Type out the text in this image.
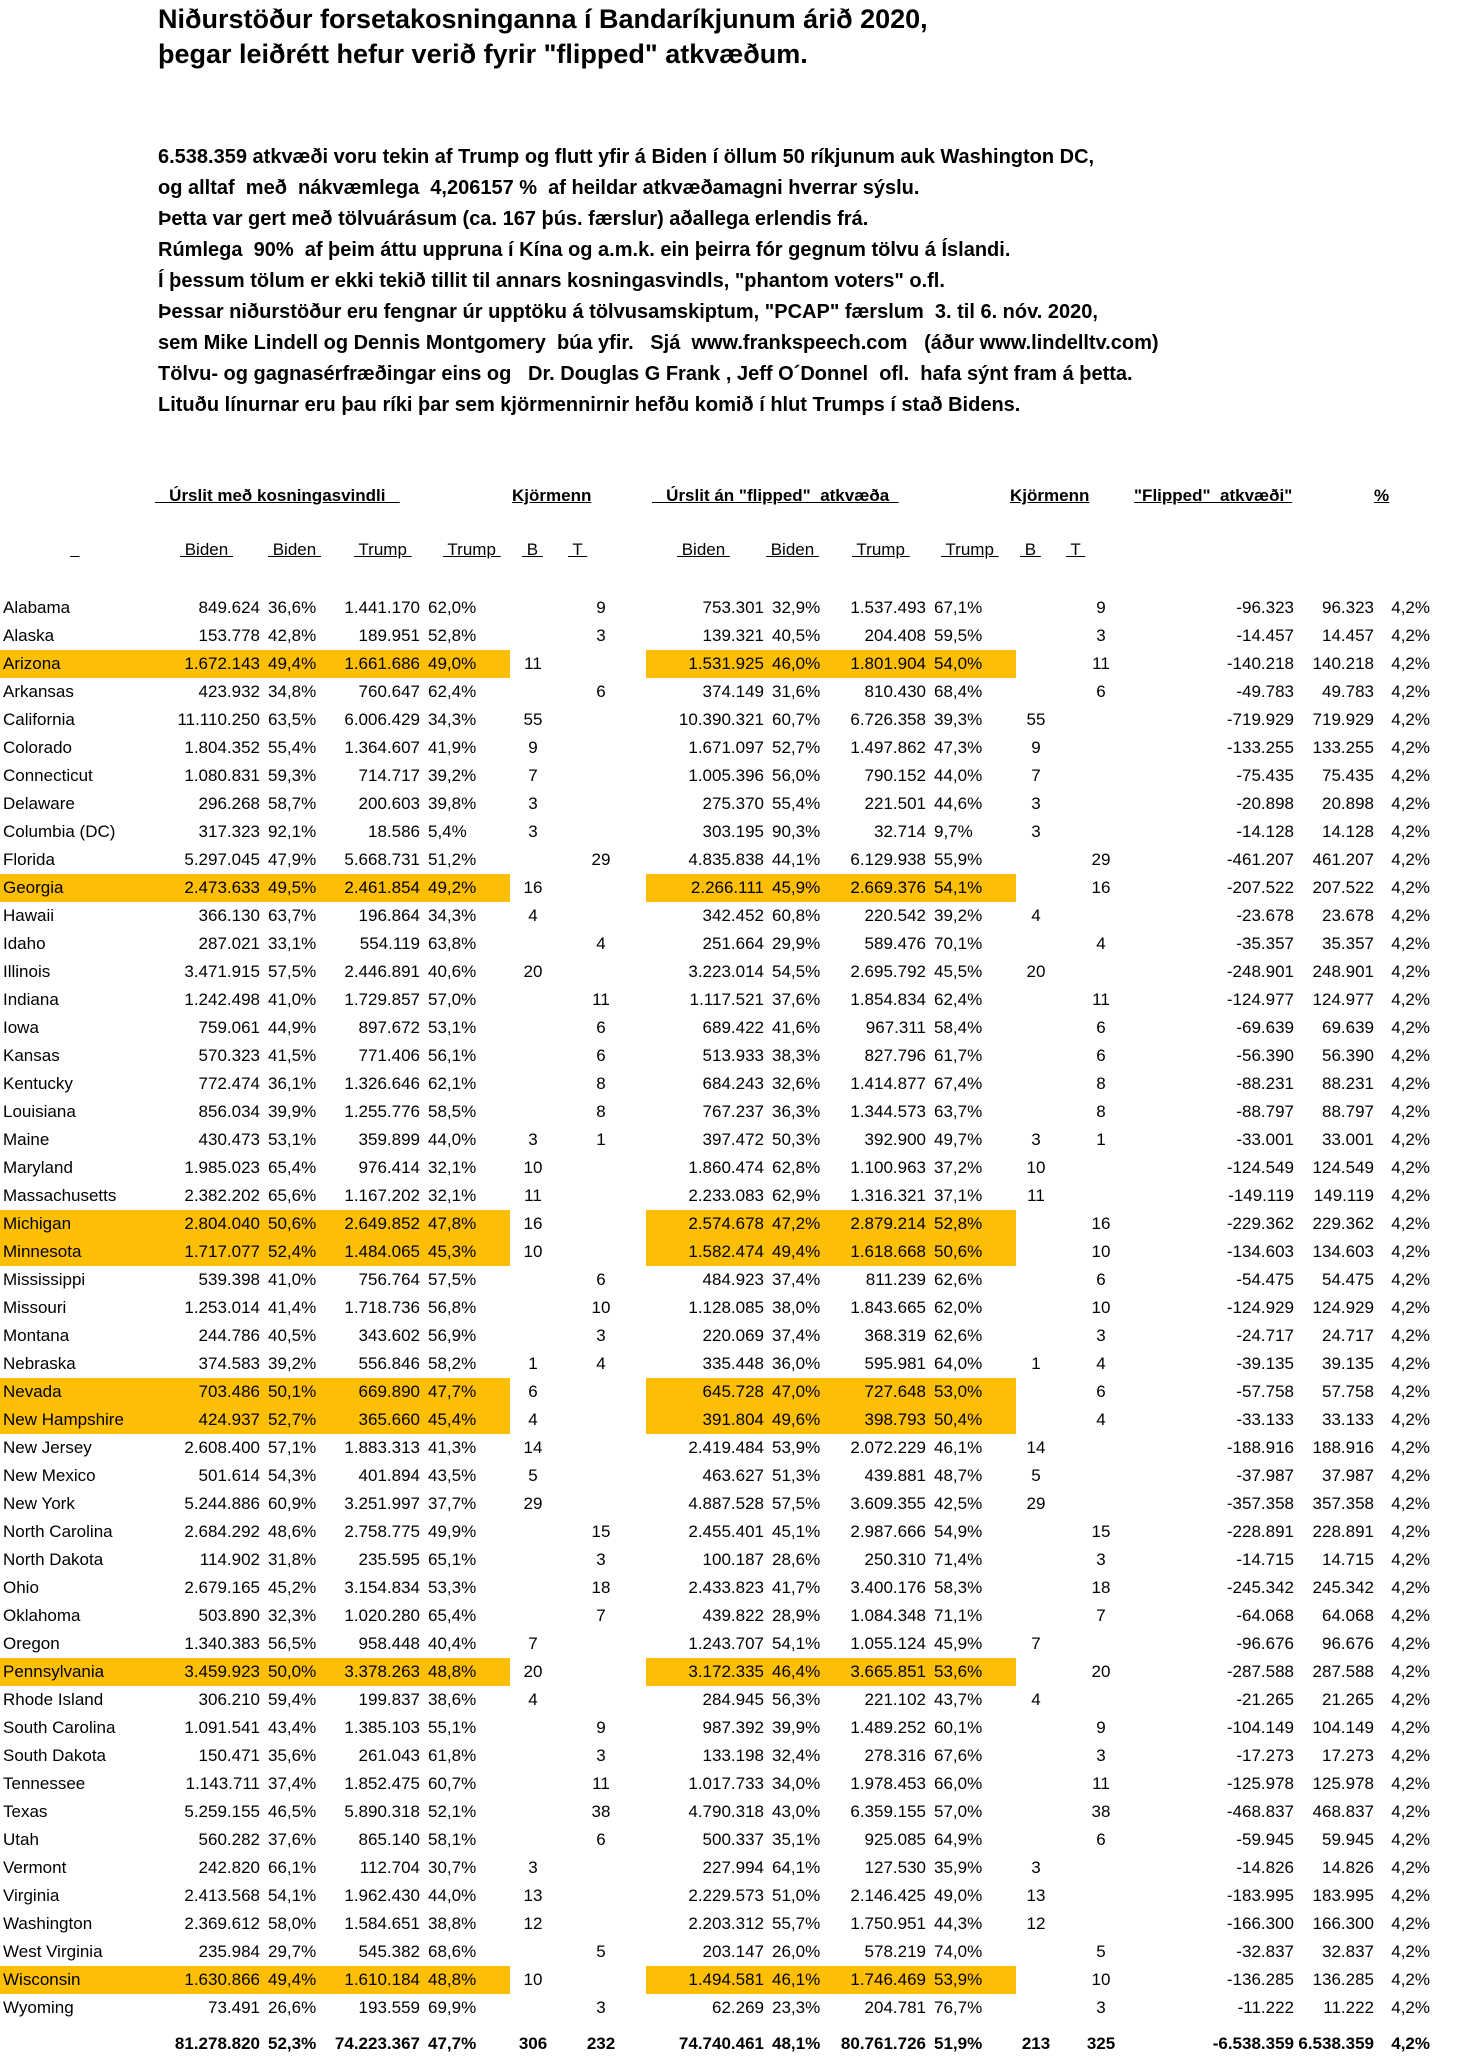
Niðurstöður forsetakosninganna í Bandaríkjunum árið 2020,
þegar leiðrétt hefur verið fyrir "flipped" atkvæðum.
6.538.359 atkvæði voru tekin af Trump og flutt yfir á Biden í öllum 50 ríkjunum auk Washington DC,
og alltaf  með  nákvæmlega  4,206157 %  af heildar atkvæðamagni hverrar sýslu.
Þetta var gert með tölvuárásum (ca. 167 þús. færslur) aðallega erlendis frá.
Rúmlega  90%  af þeim áttu uppruna í Kína og a.m.k. ein þeirra fór gegnum tölvu á Íslandi.
Í þessum tölum er ekki tekið tillit til annars kosningasvindls, "phantom voters" o.fl.
Þessar niðurstöður eru fengnar úr upptöku á tölvusamskiptum, "PCAP" færslum  3. til 6. nóv. 2020,
sem Mike Lindell og Dennis Montgomery  búa yfir.   Sjá  www.frankspeech.com   (áður www.lindelltv.com)
Tölvu- og gagnasérfræðingar eins og   Dr. Douglas G Frank , Jeff O´Donnel  ofl.  hafa sýnt fram á þetta.
Lituðu línurnar eru þau ríki þar sem kjörmennirnir hefðu komið í hlut Trumps í stað Bidens.
Úrslit með kosningasvindli	Kjörmenn	Úrslit án "flipped"  atkvæða	Kjörmenn	"Flipped"  atkvæði"	%

Biden Biden Trump Trump B T	Biden Biden Trump Trump B T
Alabama	849.624	36,6%	1.441.170	62,0%		9	753.301	32,9%	1.537.493	67,1%		9	-96.323	96.323	4,2%
Alaska	153.778	42,8%	189.951	52,8%		3	139.321	40,5%	204.408	59,5%		3	-14.457	14.457	4,2%
Arizona	1.672.143	49,4%	1.661.686	49,0%	11		1.531.925	46,0%	1.801.904	54,0%		11	-140.218	140.218	4,2%
Arkansas	423.932	34,8%	760.647	62,4%		6	374.149	31,6%	810.430	68,4%		6	-49.783	49.783	4,2%
California	11.110.250	63,5%	6.006.429	34,3%	55		10.390.321	60,7%	6.726.358	39,3%	55		-719.929	719.929	4,2%
Colorado	1.804.352	55,4%	1.364.607	41,9%	9		1.671.097	52,7%	1.497.862	47,3%	9		-133.255	133.255	4,2%
Connecticut	1.080.831	59,3%	714.717	39,2%	7		1.005.396	56,0%	790.152	44,0%	7		-75.435	75.435	4,2%
Delaware	296.268	58,7%	200.603	39,8%	3		275.370	55,4%	221.501	44,6%	3		-20.898	20.898	4,2%
Columbia (DC)	317.323	92,1%	18.586	5,4%	3		303.195	90,3%	32.714	9,7%	3		-14.128	14.128	4,2%
Florida	5.297.045	47,9%	5.668.731	51,2%		29	4.835.838	44,1%	6.129.938	55,9%		29	-461.207	461.207	4,2%
Georgia	2.473.633	49,5%	2.461.854	49,2%	16		2.266.111	45,9%	2.669.376	54,1%		16	-207.522	207.522	4,2%
Hawaii	366.130	63,7%	196.864	34,3%	4		342.452	60,8%	220.542	39,2%	4		-23.678	23.678	4,2%
Idaho	287.021	33,1%	554.119	63,8%		4	251.664	29,9%	589.476	70,1%		4	-35.357	35.357	4,2%
Illinois	3.471.915	57,5%	2.446.891	40,6%	20		3.223.014	54,5%	2.695.792	45,5%	20		-248.901	248.901	4,2%
Indiana	1.242.498	41,0%	1.729.857	57,0%		11	1.117.521	37,6%	1.854.834	62,4%		11	-124.977	124.977	4,2%
Iowa	759.061	44,9%	897.672	53,1%		6	689.422	41,6%	967.311	58,4%		6	-69.639	69.639	4,2%
Kansas	570.323	41,5%	771.406	56,1%		6	513.933	38,3%	827.796	61,7%		6	-56.390	56.390	4,2%
Kentucky	772.474	36,1%	1.326.646	62,1%		8	684.243	32,6%	1.414.877	67,4%		8	-88.231	88.231	4,2%
Louisiana	856.034	39,9%	1.255.776	58,5%		8	767.237	36,3%	1.344.573	63,7%		8	-88.797	88.797	4,2%
Maine	430.473	53,1%	359.899	44,0%	3	1	397.472	50,3%	392.900	49,7%	3	1	-33.001	33.001	4,2%
Maryland	1.985.023	65,4%	976.414	32,1%	10		1.860.474	62,8%	1.100.963	37,2%	10		-124.549	124.549	4,2%
Massachusetts	2.382.202	65,6%	1.167.202	32,1%	11		2.233.083	62,9%	1.316.321	37,1%	11		-149.119	149.119	4,2%
Michigan	2.804.040	50,6%	2.649.852	47,8%	16		2.574.678	47,2%	2.879.214	52,8%		16	-229.362	229.362	4,2%
Minnesota	1.717.077	52,4%	1.484.065	45,3%	10		1.582.474	49,4%	1.618.668	50,6%		10	-134.603	134.603	4,2%
Mississippi	539.398	41,0%	756.764	57,5%		6	484.923	37,4%	811.239	62,6%		6	-54.475	54.475	4,2%
Missouri	1.253.014	41,4%	1.718.736	56,8%		10	1.128.085	38,0%	1.843.665	62,0%		10	-124.929	124.929	4,2%
Montana	244.786	40,5%	343.602	56,9%		3	220.069	37,4%	368.319	62,6%		3	-24.717	24.717	4,2%
Nebraska	374.583	39,2%	556.846	58,2%	1	4	335.448	36,0%	595.981	64,0%	1	4	-39.135	39.135	4,2%
Nevada	703.486	50,1%	669.890	47,7%	6		645.728	47,0%	727.648	53,0%		6	-57.758	57.758	4,2%
New Hampshire	424.937	52,7%	365.660	45,4%	4		391.804	49,6%	398.793	50,4%		4	-33.133	33.133	4,2%
New Jersey	2.608.400	57,1%	1.883.313	41,3%	14		2.419.484	53,9%	2.072.229	46,1%	14		-188.916	188.916	4,2%
New Mexico	501.614	54,3%	401.894	43,5%	5		463.627	51,3%	439.881	48,7%	5		-37.987	37.987	4,2%
New York	5.244.886	60,9%	3.251.997	37,7%	29		4.887.528	57,5%	3.609.355	42,5%	29		-357.358	357.358	4,2%
North Carolina	2.684.292	48,6%	2.758.775	49,9%		15	2.455.401	45,1%	2.987.666	54,9%		15	-228.891	228.891	4,2%
North Dakota	114.902	31,8%	235.595	65,1%		3	100.187	28,6%	250.310	71,4%		3	-14.715	14.715	4,2%
Ohio	2.679.165	45,2%	3.154.834	53,3%		18	2.433.823	41,7%	3.400.176	58,3%		18	-245.342	245.342	4,2%
Oklahoma	503.890	32,3%	1.020.280	65,4%		7	439.822	28,9%	1.084.348	71,1%		7	-64.068	64.068	4,2%
Oregon	1.340.383	56,5%	958.448	40,4%	7		1.243.707	54,1%	1.055.124	45,9%	7		-96.676	96.676	4,2%
Pennsylvania	3.459.923	50,0%	3.378.263	48,8%	20		3.172.335	46,4%	3.665.851	53,6%		20	-287.588	287.588	4,2%
Rhode Island	306.210	59,4%	199.837	38,6%	4		284.945	56,3%	221.102	43,7%	4		-21.265	21.265	4,2%
South Carolina	1.091.541	43,4%	1.385.103	55,1%		9	987.392	39,9%	1.489.252	60,1%		9	-104.149	104.149	4,2%
South Dakota	150.471	35,6%	261.043	61,8%		3	133.198	32,4%	278.316	67,6%		3	-17.273	17.273	4,2%
Tennessee	1.143.711	37,4%	1.852.475	60,7%		11	1.017.733	34,0%	1.978.453	66,0%		11	-125.978	125.978	4,2%
Texas	5.259.155	46,5%	5.890.318	52,1%		38	4.790.318	43,0%	6.359.155	57,0%		38	-468.837	468.837	4,2%
Utah	560.282	37,6%	865.140	58,1%		6	500.337	35,1%	925.085	64,9%		6	-59.945	59.945	4,2%
Vermont	242.820	66,1%	112.704	30,7%	3		227.994	64,1%	127.530	35,9%	3		-14.826	14.826	4,2%
Virginia	2.413.568	54,1%	1.962.430	44,0%	13		2.229.573	51,0%	2.146.425	49,0%	13		-183.995	183.995	4,2%
Washington	2.369.612	58,0%	1.584.651	38,8%	12		2.203.312	55,7%	1.750.951	44,3%	12		-166.300	166.300	4,2%
West Virginia	235.984	29,7%	545.382	68,6%		5	203.147	26,0%	578.219	74,0%		5	-32.837	32.837	4,2%
Wisconsin	1.630.866	49,4%	1.610.184	48,8%	10		1.494.581	46,1%	1.746.469	53,9%		10	-136.285	136.285	4,2%
Wyoming	73.491	26,6%	193.559	69,9%		3	62.269	23,3%	204.781	76,7%		3	-11.222	11.222	4,2%
	81.278.820	52,3%	74.223.367	47,7%	306	232	74.740.461	48,1%	80.761.726	51,9%	213	325	-6.538.359	6.538.359	4,2%
